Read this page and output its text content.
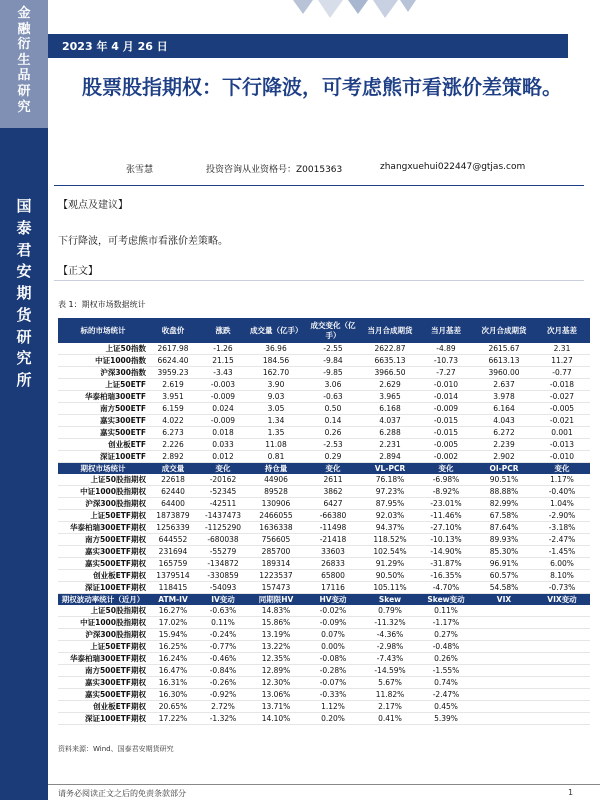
金
融
衍
生
品
研
究
国
泰
君
安
期
货
研
究
所
2023 年 4 月 26 日
股票股指期权：下行降波，可考虑熊市看涨价差策略。
张雪慧	投资咨询从业资格号：Z0015363	zhangxuehui022447@gtjas.com
【观点及建议】
下行降波，可考虑熊市看涨价差策略。
【正文】
表 1：期权市场数据统计
标的市场统计	收盘价	涨跌	成交量（亿手）	成交变化（亿手）	当月合成期货	当月基差	次月合成期货	次月基差
上证50指数	2617.98	-1.26	36.96	-2.55	2622.87	-4.89	2615.67	2.31
中证1000指数	6624.40	21.15	184.56	-9.84	6635.13	-10.73	6613.13	11.27
沪深300指数	3959.23	-3.43	162.70	-9.85	3966.50	-7.27	3960.00	-0.77
上证50ETF	2.619	-0.003	3.90	3.06	2.629	-0.010	2.637	-0.018
华泰柏瑞300ETF	3.951	-0.009	9.03	-0.63	3.965	-0.014	3.978	-0.027
南方500ETF	6.159	0.024	3.05	0.50	6.168	-0.009	6.164	-0.005
嘉实300ETF	4.022	-0.009	1.34	0.14	4.037	-0.015	4.043	-0.021
嘉实500ETF	6.273	0.018	1.35	0.26	6.288	-0.015	6.272	0.001
创业板ETF	2.226	0.033	11.08	-2.53	2.231	-0.005	2.239	-0.013
深证100ETF	2.892	0.012	0.81	0.29	2.894	-0.002	2.902	-0.010
期权市场统计	成交量	变化	持仓量	变化	VL-PCR	变化	OI-PCR	变化
上证50股指期权	22618	-20162	44906	2611	76.18%	-6.98%	90.51%	1.17%
中证1000股指期权	62440	-52345	89528	3862	97.23%	-8.92%	88.88%	-0.40%
沪深300股指期权	64400	-42511	130906	6427	87.95%	-23.01%	82.99%	1.04%
上证50ETF期权	1873879	-1437473	2466055	-66380	92.03%	-11.46%	67.58%	-2.90%
华泰柏瑞300ETF期权	1256339	-1125290	1636338	-11498	94.37%	-27.10%	87.64%	-3.18%
南方500ETF期权	644552	-680038	756605	-21418	118.52%	-10.13%	89.93%	-2.47%
嘉实300ETF期权	231694	-55279	285700	33603	102.54%	-14.90%	85.30%	-1.45%
嘉实500ETF期权	165759	-134872	189314	26833	91.29%	-31.87%	96.91%	6.00%
创业板ETF期权	1379514	-330859	1223537	65800	90.50%	-16.35%	60.57%	8.10%
深证100ETF期权	118415	-54093	157473	17116	105.11%	-4.70%	54.58%	-0.73%
期权波动率统计（近月）	ATM-IV	IV变动	同期限HV	HV变动	Skew	Skew变动	VIX	VIX变动
上证50股指期权	16.27%	-0.63%	14.83%	-0.02%	0.79%	0.11%		
中证1000股指期权	17.02%	0.11%	15.86%	-0.09%	-11.32%	-1.17%		
沪深300股指期权	15.94%	-0.24%	13.19%	0.07%	-4.36%	0.27%		
上证50ETF期权	16.25%	-0.77%	13.22%	0.00%	-2.98%	-0.48%		
华泰柏瑞300ETF期权	16.24%	-0.46%	12.35%	-0.08%	-7.43%	0.26%		
南方500ETF期权	16.47%	-0.84%	12.89%	-0.28%	-14.59%	-1.55%		
嘉实300ETF期权	16.31%	-0.26%	12.30%	-0.07%	5.67%	0.74%		
嘉实500ETF期权	16.30%	-0.92%	13.06%	-0.33%	11.82%	-2.47%		
创业板ETF期权	20.65%	2.72%	13.71%	1.12%	2.17%	0.45%		
深证100ETF期权	17.22%	-1.32%	14.10%	0.20%	0.41%	5.39%		
资料来源：Wind、国泰君安期货研究
请务必阅读正文之后的免责条款部分	1
